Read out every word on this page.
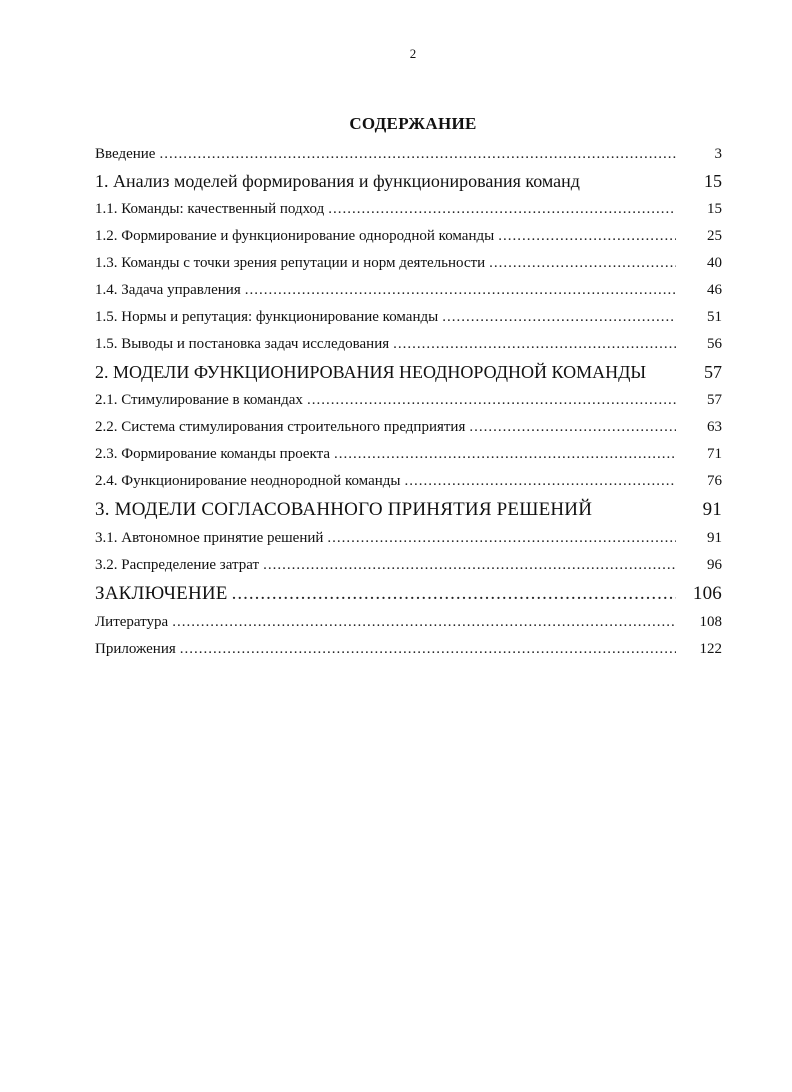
2
СОДЕРЖАНИЕ
Введение .....	3
1. Анализ моделей формирования и функционирования команд	15
1.1. Команды: качественный подход .....	15
1.2. Формирование и функционирование однородной команды .....	25
1.3. Команды с точки зрения репутации и норм деятельности .....	40
1.4. Задача управления .....	46
1.5. Нормы и репутация: функционирование команды .....	51
1.5. Выводы и постановка задач исследования .....	56
2. МОДЕЛИ ФУНКЦИОНИРОВАНИЯ НЕОДНОРОДНОЙ КОМАНДЫ	57
2.1. Стимулирование в командах .....	57
2.2. Система стимулирования строительного предприятия .....	63
2.3. Формирование команды проекта .....	71
2.4. Функционирование неоднородной команды .....	76
3. МОДЕЛИ СОГЛАСОВАННОГО ПРИНЯТИЯ РЕШЕНИЙ	91
3.1. Автономное принятие решений .....	91
3.2. Распределение затрат .....	96
ЗАКЛЮЧЕНИЕ .....	106
Литература .....	108
Приложения .....	122
